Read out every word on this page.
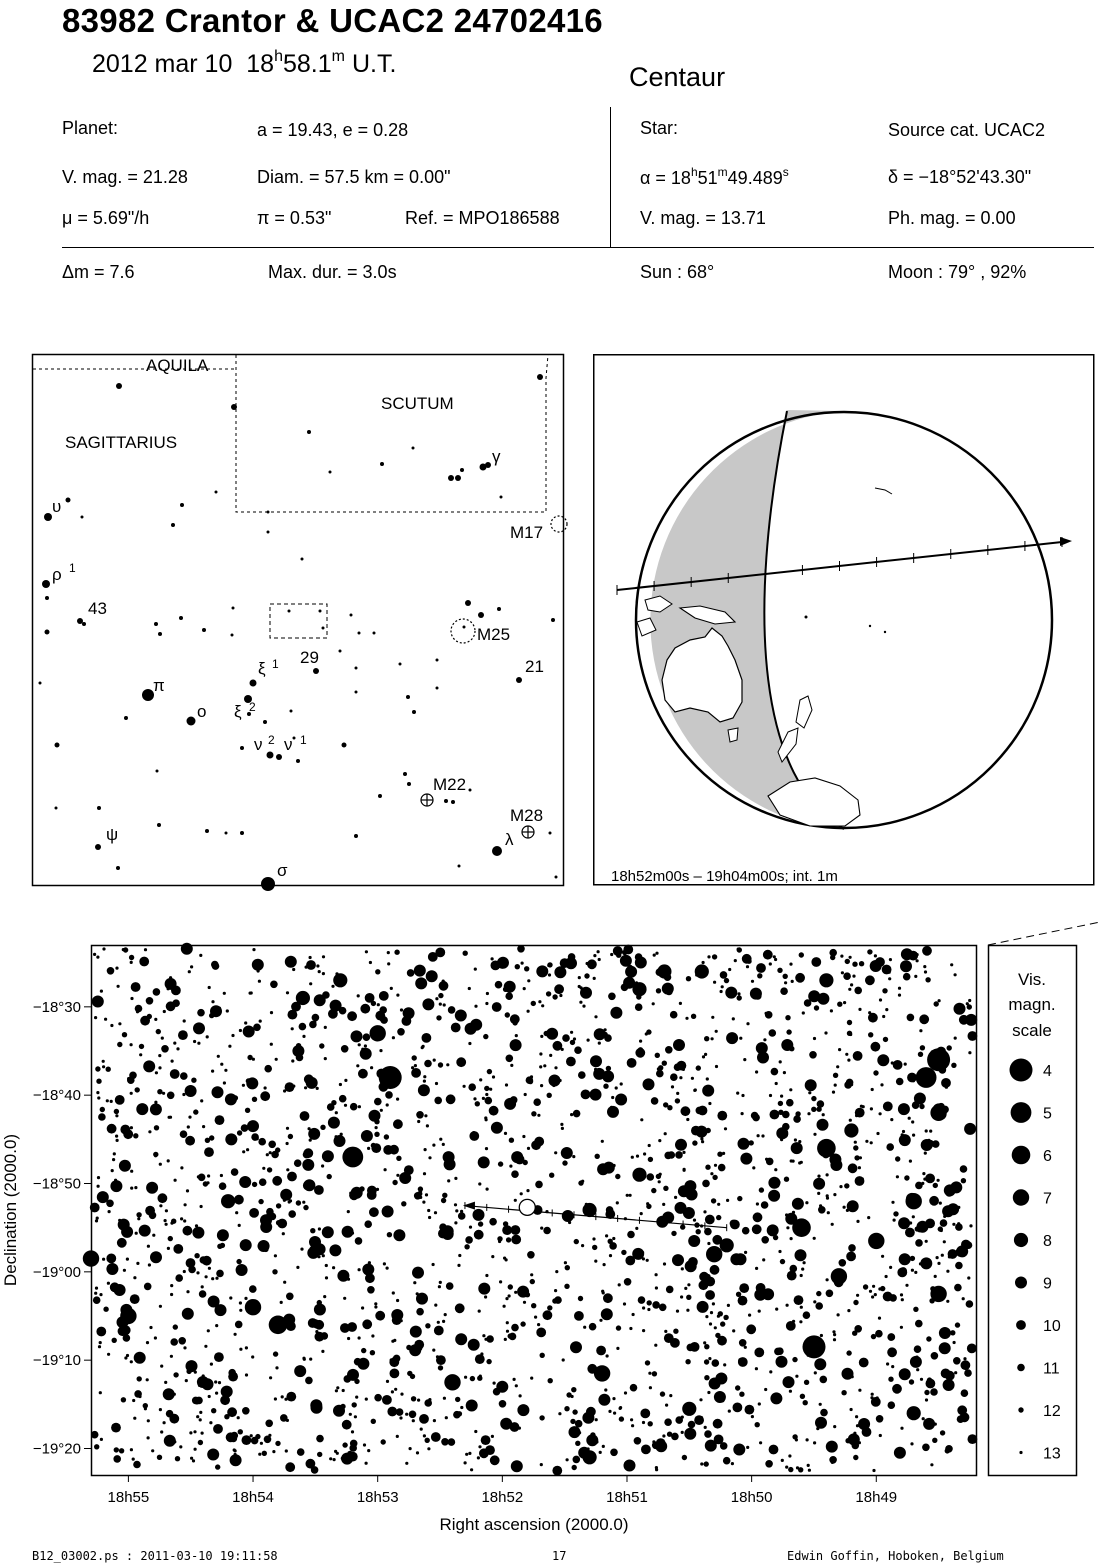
83982 Crantor & UCAC2 24702416
2012 mar 10 18$^h$58.1$^m$ U.T.	Centaur
Planet:	a = 19.43, e = 0.28
V. mag. = 21.28	Diam. = 57.5 km = 0.00"
μ = 5.69"/h	π = 0.53"	Ref. = MPO186588
Star:	Source cat. UCAC2
$\alpha = 18^h51^m49.489^s$	δ = −18°52'43.30"
V. mag. = 13.71	Ph. mag. = 0.00
Δm = 7.6	Max. dur. = 3.0s	Sun : 68°	Moon : 79° , 92%
AQUILA
SCUTUM
SAGITTARIUS
υ
ρ 1
43
π
o
ξ 1
ξ 2
29
ν 2 ν 1
ψ
σ
γ
M17
M25
21
M22
M28
λ
18h52m00s – 19h04m00s; int. 1m
18h55	18h54	18h53	18h52	18h51	18h50	18h49
−18°30
−18°40
−18°50
−19°00
−19°10
−19°20
Right ascension (2000.0)
Declination (2000.0)
Vis.
magn.
scale
4
5
6
7
8
9
10
11
12
13
B12_03002.ps : 2011-03-10 19:11:58	17	Edwin Goffin, Hoboken, Belgium
